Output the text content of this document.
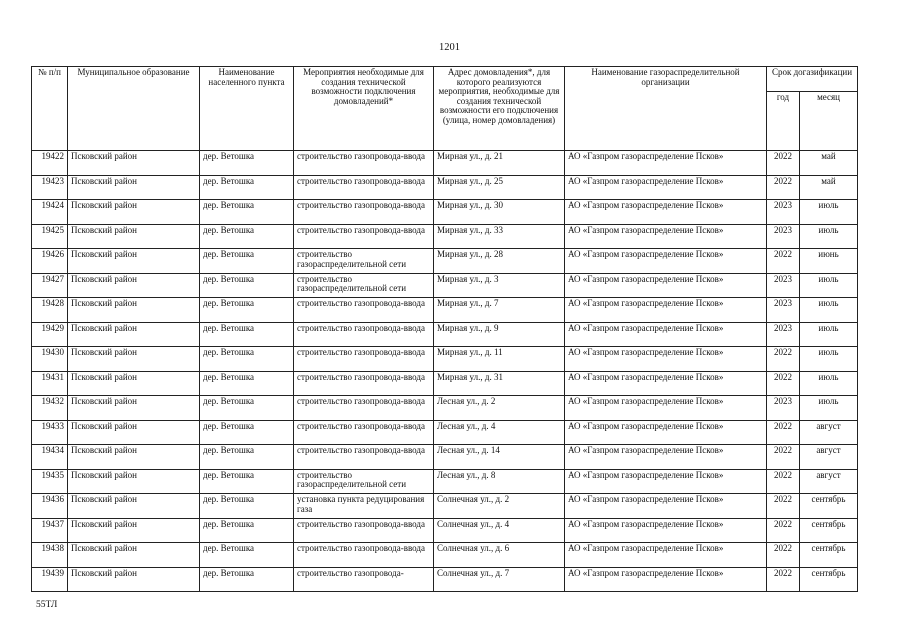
1201
№ п/п	Муниципальное образование	Наименование населенного пункта	Мероприятия необходимые для создания технической возможности подключения домовладений*	Адрес домовладения*, для которого реализуются мероприятия, необходимые для создания технической возможности его подключения (улица, номер домовладения)	Наименование газораспределительной организации	Срок догазификации	
						год	месяц
19422	Псковский район	дер. Ветошка	строительство газопровода-ввода	Мирная ул., д. 21	АО «Газпром газораспределение Псков»	2022	май
19423	Псковский район	дер. Ветошка	строительство газопровода-ввода	Мирная ул., д. 25	АО «Газпром газораспределение Псков»	2022	май
19424	Псковский район	дер. Ветошка	строительство газопровода-ввода	Мирная ул., д. 30	АО «Газпром газораспределение Псков»	2023	июль
19425	Псковский район	дер. Ветошка	строительство газопровода-ввода	Мирная ул., д. 33	АО «Газпром газораспределение Псков»	2023	июль
19426	Псковский район	дер. Ветошка	строительство газораспределительной сети	Мирная ул., д. 28	АО «Газпром газораспределение Псков»	2022	июнь
19427	Псковский район	дер. Ветошка	строительство газораспределительной сети	Мирная ул., д. 3	АО «Газпром газораспределение Псков»	2023	июль
19428	Псковский район	дер. Ветошка	строительство газопровода-ввода	Мирная ул., д. 7	АО «Газпром газораспределение Псков»	2023	июль
19429	Псковский район	дер. Ветошка	строительство газопровода-ввода	Мирная ул., д. 9	АО «Газпром газораспределение Псков»	2023	июль
19430	Псковский район	дер. Ветошка	строительство газопровода-ввода	Мирная ул., д. 11	АО «Газпром газораспределение Псков»	2022	июль
19431	Псковский район	дер. Ветошка	строительство газопровода-ввода	Мирная ул., д. 31	АО «Газпром газораспределение Псков»	2022	июль
19432	Псковский район	дер. Ветошка	строительство газопровода-ввода	Лесная ул., д. 2	АО «Газпром газораспределение Псков»	2023	июль
19433	Псковский район	дер. Ветошка	строительство газопровода-ввода	Лесная ул., д. 4	АО «Газпром газораспределение Псков»	2022	август
19434	Псковский район	дер. Ветошка	строительство газопровода-ввода	Лесная ул., д. 14	АО «Газпром газораспределение Псков»	2022	август
19435	Псковский район	дер. Ветошка	строительство газораспределительной сети	Лесная ул., д. 8	АО «Газпром газораспределение Псков»	2022	август
19436	Псковский район	дер. Ветошка	установка пункта редуцирования газа	Солнечная ул., д. 2	АО «Газпром газораспределение Псков»	2022	сентябрь
19437	Псковский район	дер. Ветошка	строительство газопровода-ввода	Солнечная ул., д. 4	АО «Газпром газораспределение Псков»	2022	сентябрь
19438	Псковский район	дер. Ветошка	строительство газопровода-ввода	Солнечная ул., д. 6	АО «Газпром газораспределение Псков»	2022	сентябрь
19439	Псковский район	дер. Ветошка	строительство газопровода-	Солнечная ул., д. 7	АО «Газпром газораспределение Псков»	2022	сентябрь
55ТЛ
